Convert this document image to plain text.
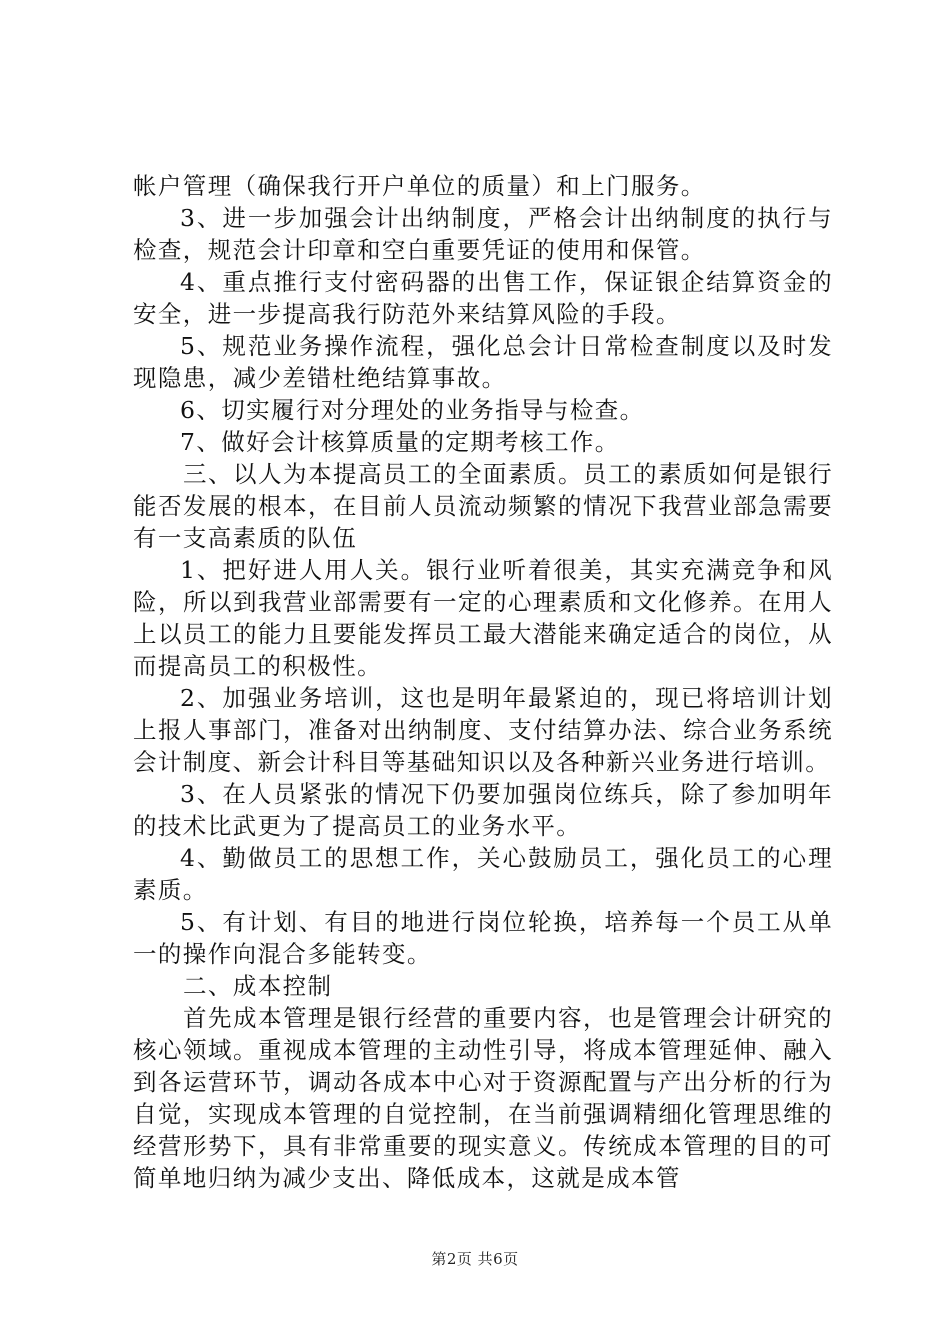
帐户管理（确保我行开户单位的质量）和上门服务。

3、进一步加强会计出纳制度，严格会计出纳制度的执行与检查，规范会计印章和空白重要凭证的使用和保管。

4、重点推行支付密码器的出售工作，保证银企结算资金的安全，进一步提高我行防范外来结算风险的手段。

5、规范业务操作流程，强化总会计日常检查制度以及时发现隐患，减少差错杜绝结算事故。

6、切实履行对分理处的业务指导与检查。

7、做好会计核算质量的定期考核工作。

三、以人为本提高员工的全面素质。员工的素质如何是银行能否发展的根本，在目前人员流动频繁的情况下我营业部急需要有一支高素质的队伍

1、把好进人用人关。银行业听着很美，其实充满竞争和风险，所以到我营业部需要有一定的心理素质和文化修养。在用人上以员工的能力且要能发挥员工最大潜能来确定适合的岗位，从而提高员工的积极性。

2、加强业务培训，这也是明年最紧迫的，现已将培训计划上报人事部门，准备对出纳制度、支付结算办法、综合业务系统会计制度、新会计科目等基础知识以及各种新兴业务进行培训。

3、在人员紧张的情况下仍要加强岗位练兵，除了参加明年的技术比武更为了提高员工的业务水平。

4、勤做员工的思想工作，关心鼓励员工，强化员工的心理素质。

5、有计划、有目的地进行岗位轮换，培养每一个员工从单一的操作向混合多能转变。

二、成本控制

首先成本管理是银行经营的重要内容，也是管理会计研究的核心领域。重视成本管理的主动性引导，将成本管理延伸、融入到各运营环节，调动各成本中心对于资源配置与产出分析的行为自觉，实现成本管理的自觉控制，在当前强调精细化管理思维的经营形势下，具有非常重要的现实意义。传统成本管理的目的可简单地归纳为减少支出、降低成本，这就是成本管

第2页 共6页
